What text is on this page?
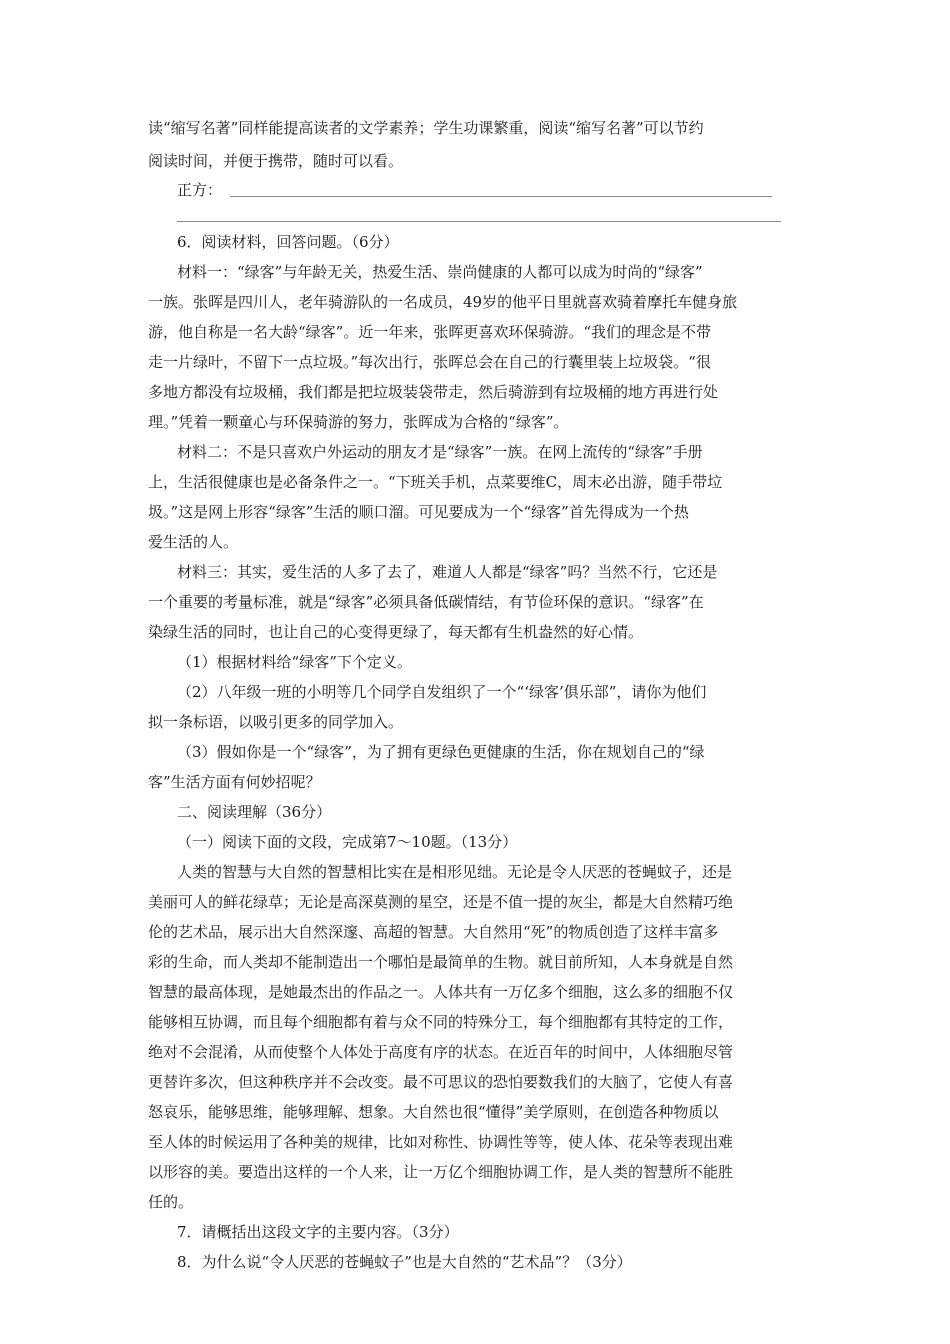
读“缩写名著”同样能提高读者的文学素养；学生功课繁重，阅读“缩写名著”可以节约
阅读时间，并便于携带，随时可以看。
正方：
6．阅读材料，回答问题。（6分）
材料一：“绿客”与年龄无关，热爱生活、崇尚健康的人都可以成为时尚的“绿客”
一族。张晖是四川人，老年骑游队的一名成员，49岁的他平日里就喜欢骑着摩托车健身旅
游，他自称是一名大龄“绿客”。近一年来，张晖更喜欢环保骑游。“我们的理念是不带
走一片绿叶，不留下一点垃圾。”每次出行，张晖总会在自己的行囊里装上垃圾袋。“很
多地方都没有垃圾桶，我们都是把垃圾装袋带走，然后骑游到有垃圾桶的地方再进行处
理。”凭着一颗童心与环保骑游的努力，张晖成为合格的“绿客”。
材料二：不是只喜欢户外运动的朋友才是“绿客”一族。在网上流传的“绿客”手册
上，生活很健康也是必备条件之一。“下班关手机，点菜要维C，周末必出游，随手带垃
圾。”这是网上形容“绿客”生活的顺口溜。可见要成为一个“绿客”首先得成为一个热
爱生活的人。
材料三：其实，爱生活的人多了去了，难道人人都是“绿客”吗？当然不行，它还是
一个重要的考量标准，就是“绿客”必须具备低碳情结，有节俭环保的意识。“绿客”在
染绿生活的同时，也让自己的心变得更绿了，每天都有生机盎然的好心情。
（1）根据材料给“绿客”下个定义。
（2）八年级一班的小明等几个同学自发组织了一个“‘绿客’俱乐部”，请你为他们
拟一条标语，以吸引更多的同学加入。
（3）假如你是一个“绿客”，为了拥有更绿色更健康的生活，你在规划自己的“绿
客”生活方面有何妙招呢？
二、阅读理解（36分）
（一）阅读下面的文段，完成第7～10题。（13分）
人类的智慧与大自然的智慧相比实在是相形见绌。无论是令人厌恶的苍蝇蚊子，还是
美丽可人的鲜花绿草；无论是高深莫测的星空，还是不值一提的灰尘，都是大自然精巧绝
伦的艺术品，展示出大自然深邃、高超的智慧。大自然用“死”的物质创造了这样丰富多
彩的生命，而人类却不能制造出一个哪怕是最简单的生物。就目前所知，人本身就是自然
智慧的最高体现，是她最杰出的作品之一。人体共有一万亿多个细胞，这么多的细胞不仅
能够相互协调，而且每个细胞都有着与众不同的特殊分工，每个细胞都有其特定的工作，
绝对不会混淆，从而使整个人体处于高度有序的状态。在近百年的时间中，人体细胞尽管
更替许多次，但这种秩序并不会改变。最不可思议的恐怕要数我们的大脑了，它使人有喜
怒哀乐，能够思维，能够理解、想象。大自然也很“懂得”美学原则，在创造各种物质以
至人体的时候运用了各种美的规律，比如对称性、协调性等等，使人体、花朵等表现出难
以形容的美。要造出这样的一个人来，让一万亿个细胞协调工作，是人类的智慧所不能胜
任的。
7．请概括出这段文字的主要内容。（3分）
8．为什么说“令人厌恶的苍蝇蚊子”也是大自然的“艺术品”？（3分）
